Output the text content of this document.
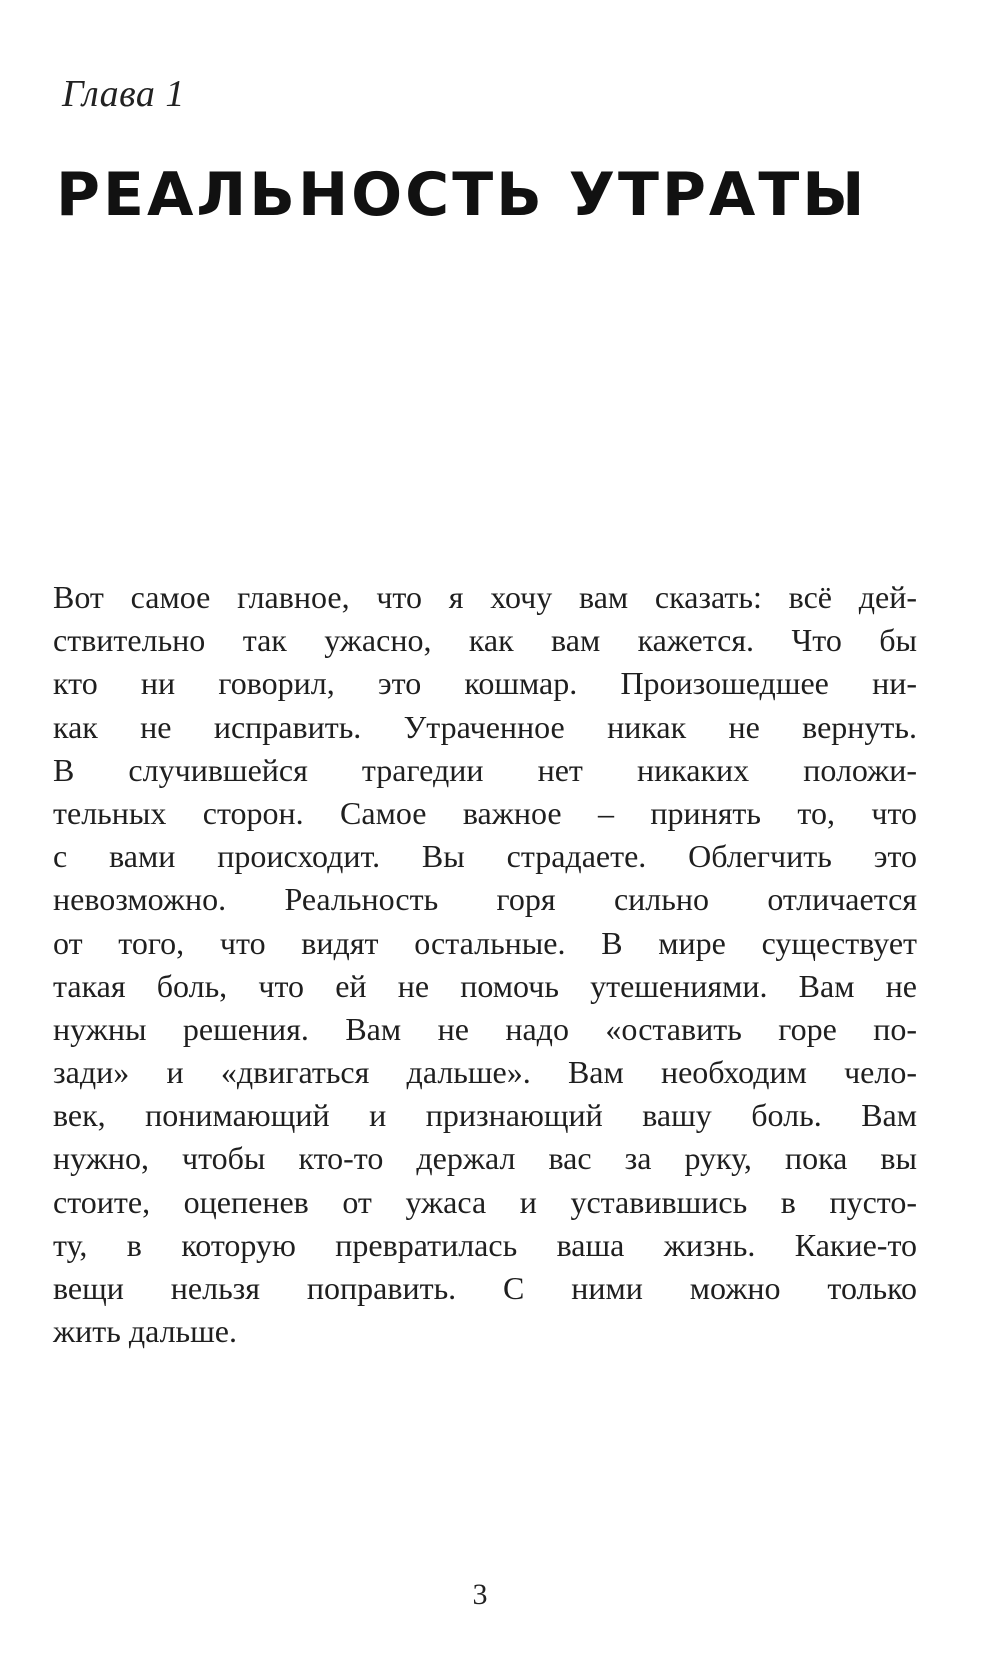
Глава 1
РЕАЛЬНОСТЬ УТРАТЫ
Вот самое главное, что я хочу вам сказать: всё дей-
ствительно так ужасно, как вам кажется. Что бы
кто ни говорил, это кошмар. Произошедшее ни-
как не исправить. Утраченное никак не вернуть.
В случившейся трагедии нет никаких положи-
тельных сторон. Самое важное – принять то, что
с вами происходит. Вы страдаете. Облегчить это
невозможно. Реальность горя сильно отличается
от того, что видят остальные. В мире существует
такая боль, что ей не помочь утешениями. Вам не
нужны решения. Вам не надо «оставить горе по-
зади» и «двигаться дальше». Вам необходим чело-
век, понимающий и признающий вашу боль. Вам
нужно, чтобы кто-то держал вас за руку, пока вы
стоите, оцепенев от ужаса и уставившись в пусто-
ту, в которую превратилась ваша жизнь. Какие-то
вещи нельзя поправить. С ними можно только
жить дальше.
3
